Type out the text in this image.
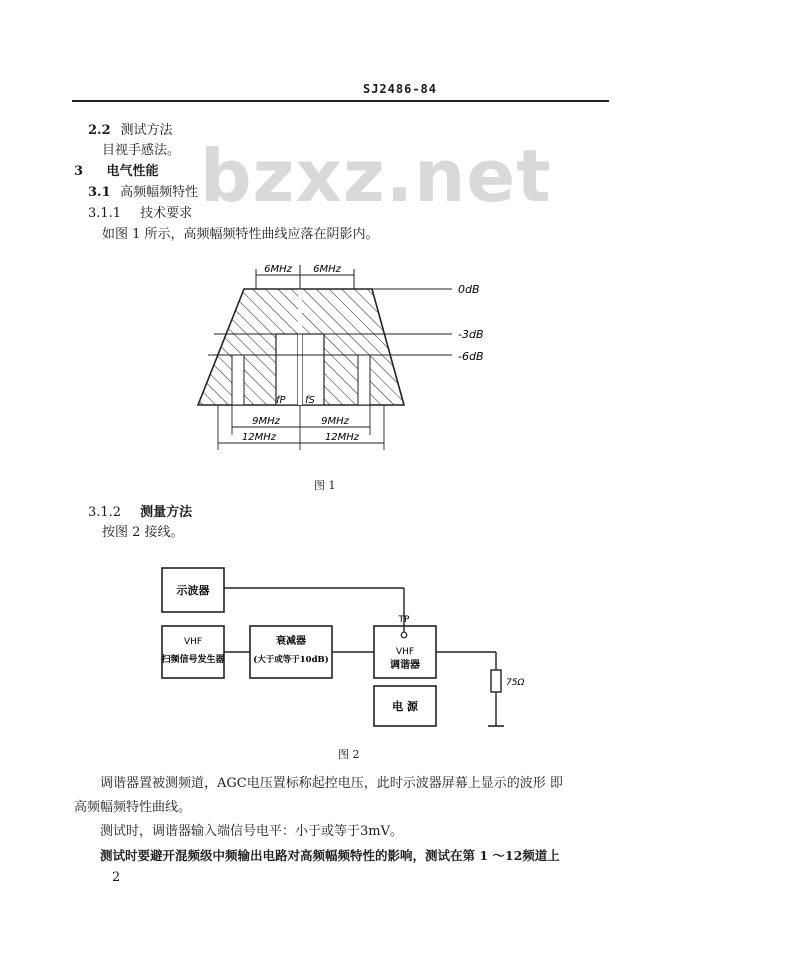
SJ2486-84
bzxz.net
2.2 测试方法
目视手感法。
3 电气性能
3.1 高频幅频特性
3.1.1 技术要求
如图 1 所示，高频幅频特性曲线应落在阴影内。
6MHz 6MHz
0dB
-3dB
-6dB
fP fS
9MHz	9MHz
12MHz	12MHz
图 1
3.1.2 测量方法
按图 2 接线。
示波器
VHF
扫频信号发生器
衰减器
(大于或等于10dB)
TP
VHF
调谐器
电 源
75Ω
图 2

调谐器置被测频道，AGC电压置标称起控电压，此时示波器屏幕上显示的波形 即

高频幅频特性曲线。

测试时，调谐器输入端信号电平：小于或等于3mV。

测试时要避开混频级中频输出电路对高频幅频特性的影响，测试在第 1 ～12频道上

2
